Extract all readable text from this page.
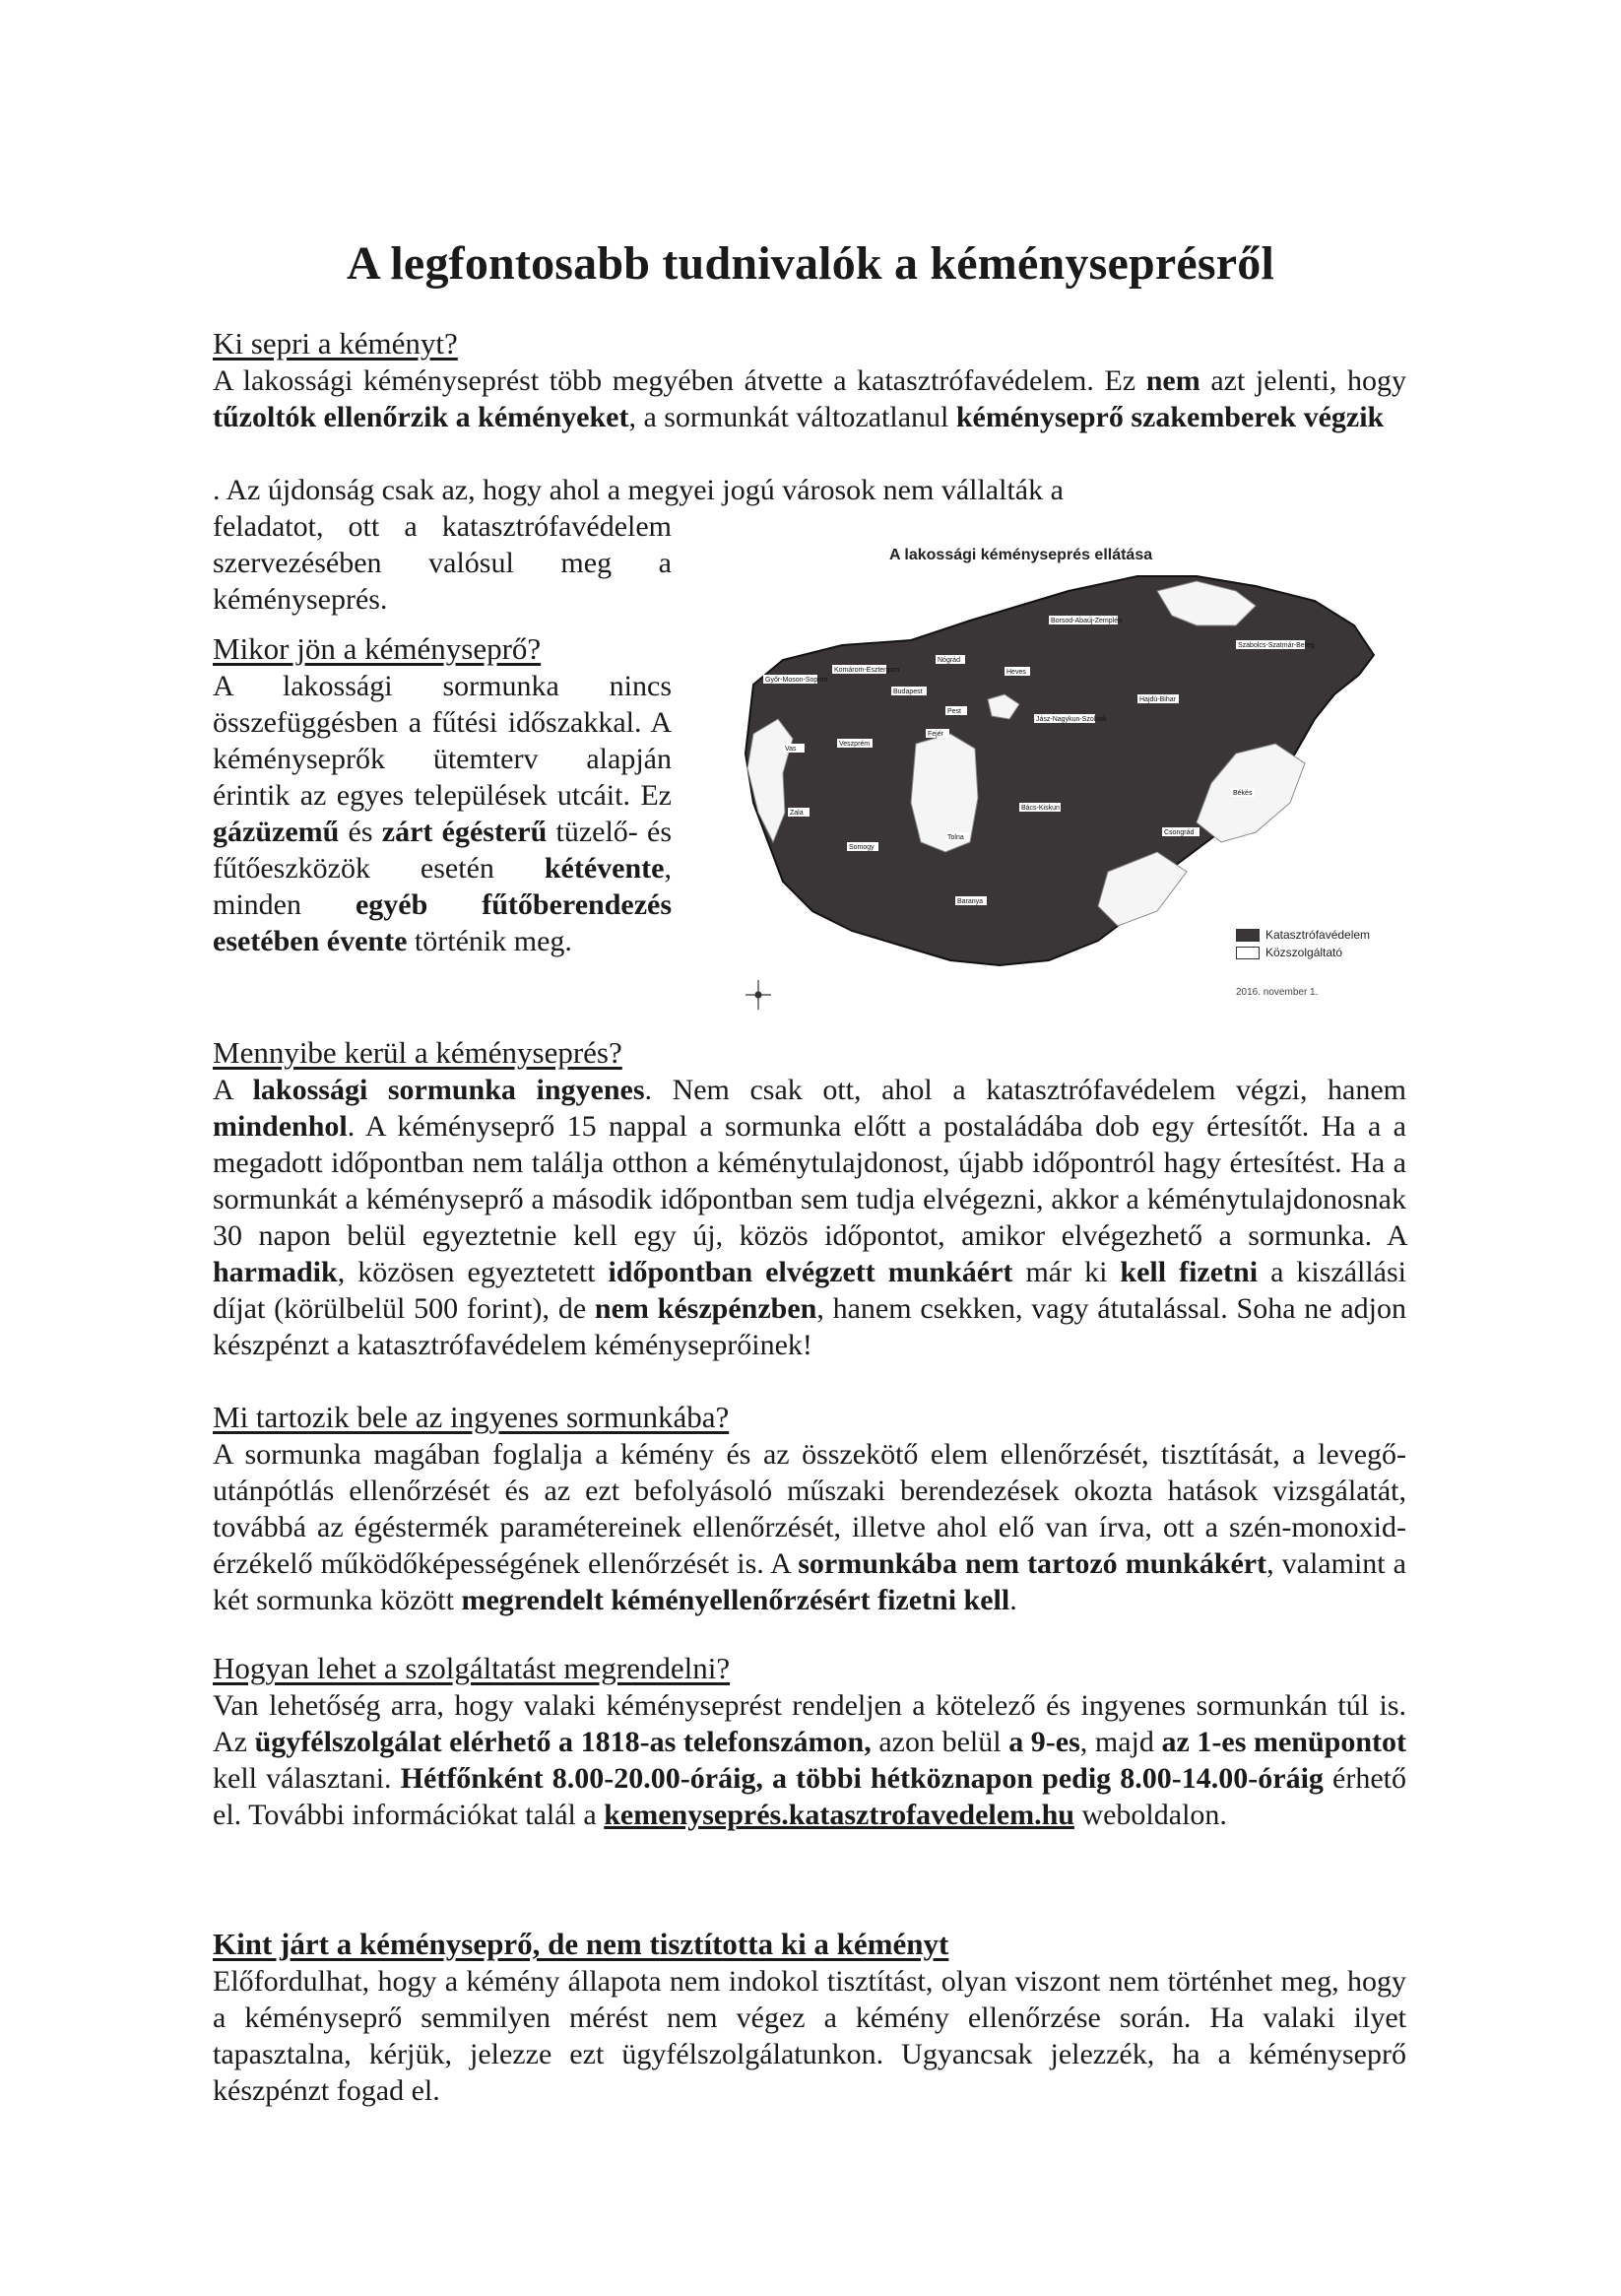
A legfontosabb tudnivalók a kéményseprésről

Ki sepri a kéményt?

A lakossági kéményseprést több megyében átvette a katasztrófavédelem. Ez nem azt jelenti, hogy tűzoltók ellenőrzik a kéményeket, a sormunkát változatlanul kéményseprő szakemberek végzik

. Az újdonság csak az, hogy ahol a megyei jogú városok nem vállalták a

feladatot, ott a katasztrófavédelem szervezésében valósul meg a kéményseprés.

Mikor jön a kéményseprő?

A lakossági sormunka nincs összefüggésben a fűtési időszakkal. A kéményseprők ütemterv alapján érintik az egyes települések utcáit. Ez gázüzemű és zárt égésterű tüzelő- és fűtőeszközök esetén kétévente, minden egyéb fűtőberendezés esetében évente történik meg.

A lakossági kéményseprés ellátása
Győr-Moson-Sopron
Komárom-Esztergom
Nógrád
Borsod-Abaúj-Zemplén
Szabolcs-Szatmár-Bereg
Budapest
Pest
Heves
Hajdú-Bihar
Vas
Veszprém
Fejér
Jász-Nagykun-Szolnok
Zala
Somogy
Tolna
Bács-Kiskun
Békés
Csongrád
Baranya
Katasztrófavédelem
Közszolgáltató
2016. november 1.

Mennyibe kerül a kéményseprés?

A lakossági sormunka ingyenes. Nem csak ott, ahol a katasztrófavédelem végzi, hanem mindenhol. A kéményseprő 15 nappal a sormunka előtt a postaládába dob egy értesítőt. Ha a a megadott időpontban nem találja otthon a kéménytulajdonost, újabb időpontról hagy értesítést. Ha a sormunkát a kéményseprő a második időpontban sem tudja elvégezni, akkor a kéménytulajdonosnak 30 napon belül egyeztetnie kell egy új, közös időpontot, amikor elvégezhető a sormunka. A harmadik, közösen egyeztetett időpontban elvégzett munkáért már ki kell fizetni a kiszállási díjat (körülbelül 500 forint), de nem készpénzben, hanem csekken, vagy átutalással. Soha ne adjon készpénzt a katasztrófavédelem kéményseprőinek!

Mi tartozik bele az ingyenes sormunkába?

A sormunka magában foglalja a kémény és az összekötő elem ellenőrzését, tisztítását, a levegő-utánpótlás ellenőrzését és az ezt befolyásoló műszaki berendezések okozta hatások vizsgálatát, továbbá az égéstermék paramétereinek ellenőrzését, illetve ahol elő van írva, ott a szén-monoxid-érzékelő működőképességének ellenőrzését is. A sormunkába nem tartozó munkákért, valamint a két sormunka között megrendelt kéményellenőrzésért fizetni kell.

Hogyan lehet a szolgáltatást megrendelni?

Van lehetőség arra, hogy valaki kéményseprést rendeljen a kötelező és ingyenes sormunkán túl is. Az ügyfélszolgálat elérhető a 1818-as telefonszámon, azon belül a 9-es, majd az 1-es menüpontot kell választani. Hétfőnként 8.00-20.00-óráig, a többi hétköznapon pedig 8.00-14.00-óráig érhető el. További információkat talál a kemenyseprés.katasztrofavedelem.hu weboldalon.

Kint járt a kéményseprő, de nem tisztította ki a kéményt

Előfordulhat, hogy a kémény állapota nem indokol tisztítást, olyan viszont nem történhet meg, hogy a kéményseprő semmilyen mérést nem végez a kémény ellenőrzése során. Ha valaki ilyet tapasztalna, kérjük, jelezze ezt ügyfélszolgálatunkon. Ugyancsak jelezzék, ha a kéményseprő készpénzt fogad el.
